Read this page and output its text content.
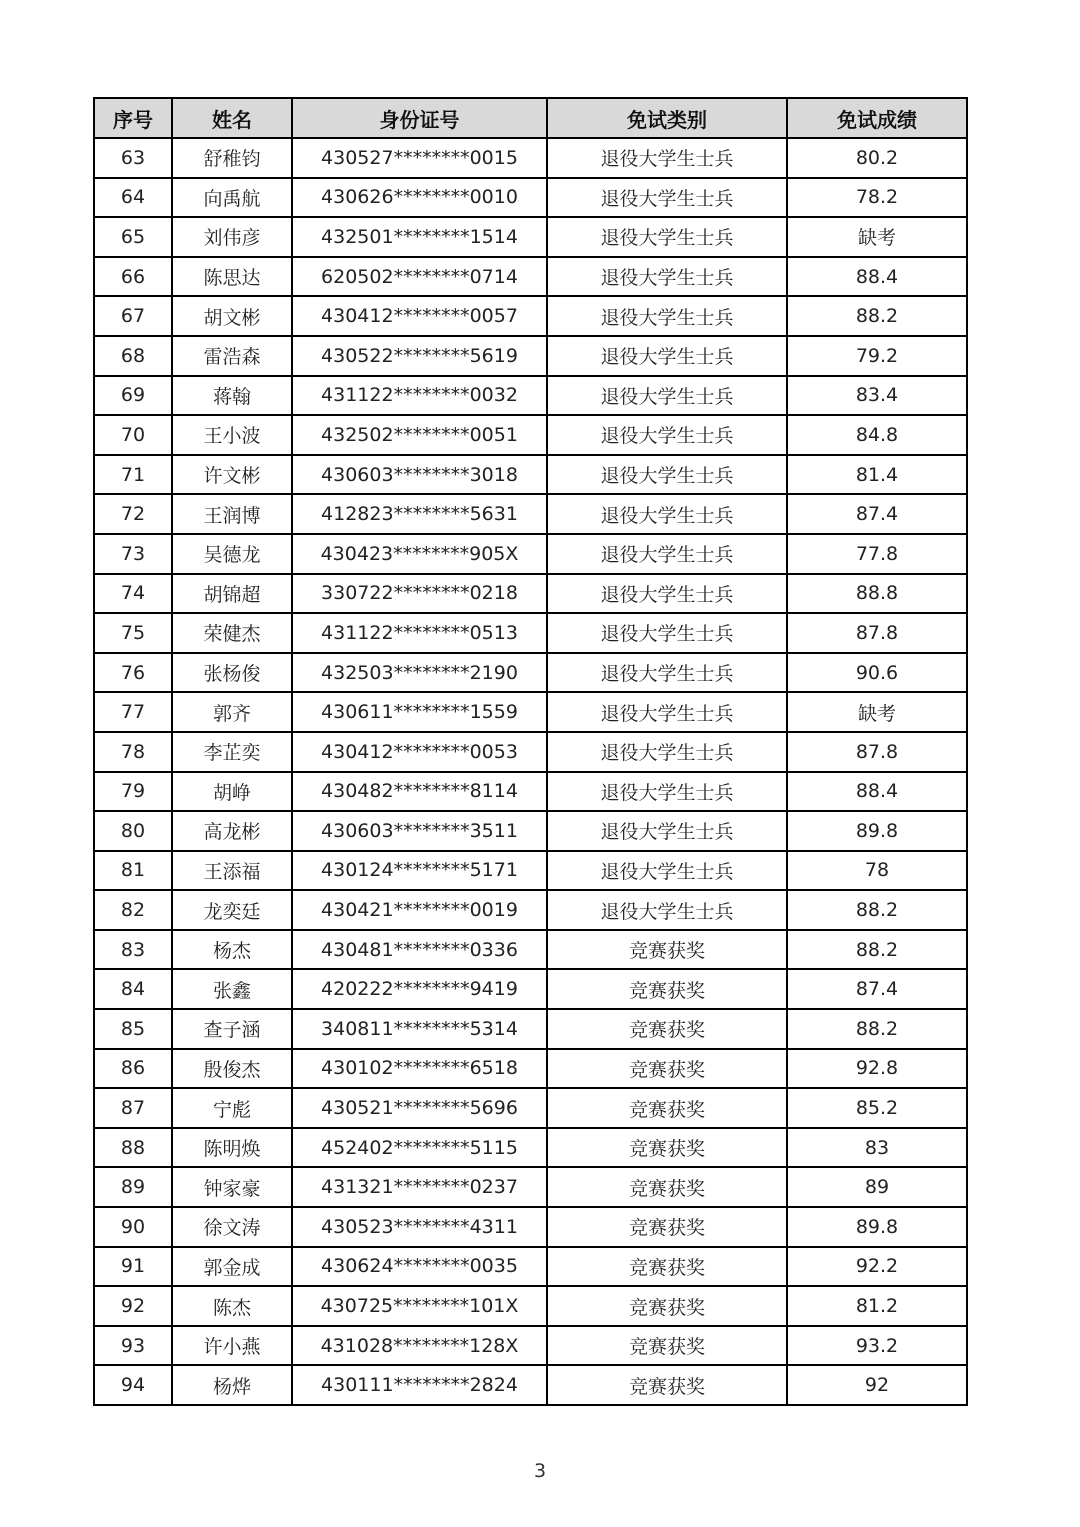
序号	姓名	身份证号	免试类别	免试成绩
63	舒稚钧	430527********0015	退役大学生士兵	80.2
64	向禹航	430626********0010	退役大学生士兵	78.2
65	刘伟彦	432501********1514	退役大学生士兵	缺考
66	陈思达	620502********0714	退役大学生士兵	88.4
67	胡文彬	430412********0057	退役大学生士兵	88.2
68	雷浩森	430522********5619	退役大学生士兵	79.2
69	蒋翰	431122********0032	退役大学生士兵	83.4
70	王小波	432502********0051	退役大学生士兵	84.8
71	许文彬	430603********3018	退役大学生士兵	81.4
72	王润博	412823********5631	退役大学生士兵	87.4
73	吴德龙	430423********905X	退役大学生士兵	77.8
74	胡锦超	330722********0218	退役大学生士兵	88.8
75	荣健杰	431122********0513	退役大学生士兵	87.8
76	张杨俊	432503********2190	退役大学生士兵	90.6
77	郭齐	430611********1559	退役大学生士兵	缺考
78	李芷奕	430412********0053	退役大学生士兵	87.8
79	胡峥	430482********8114	退役大学生士兵	88.4
80	高龙彬	430603********3511	退役大学生士兵	89.8
81	王添福	430124********5171	退役大学生士兵	78
82	龙奕廷	430421********0019	退役大学生士兵	88.2
83	杨杰	430481********0336	竞赛获奖	88.2
84	张鑫	420222********9419	竞赛获奖	87.4
85	查子涵	340811********5314	竞赛获奖	88.2
86	殷俊杰	430102********6518	竞赛获奖	92.8
87	宁彪	430521********5696	竞赛获奖	85.2
88	陈明焕	452402********5115	竞赛获奖	83
89	钟家豪	431321********0237	竞赛获奖	89
90	徐文涛	430523********4311	竞赛获奖	89.8
91	郭金成	430624********0035	竞赛获奖	92.2
92	陈杰	430725********101X	竞赛获奖	81.2
93	许小燕	431028********128X	竞赛获奖	93.2
94	杨烨	430111********2824	竞赛获奖	92
3
